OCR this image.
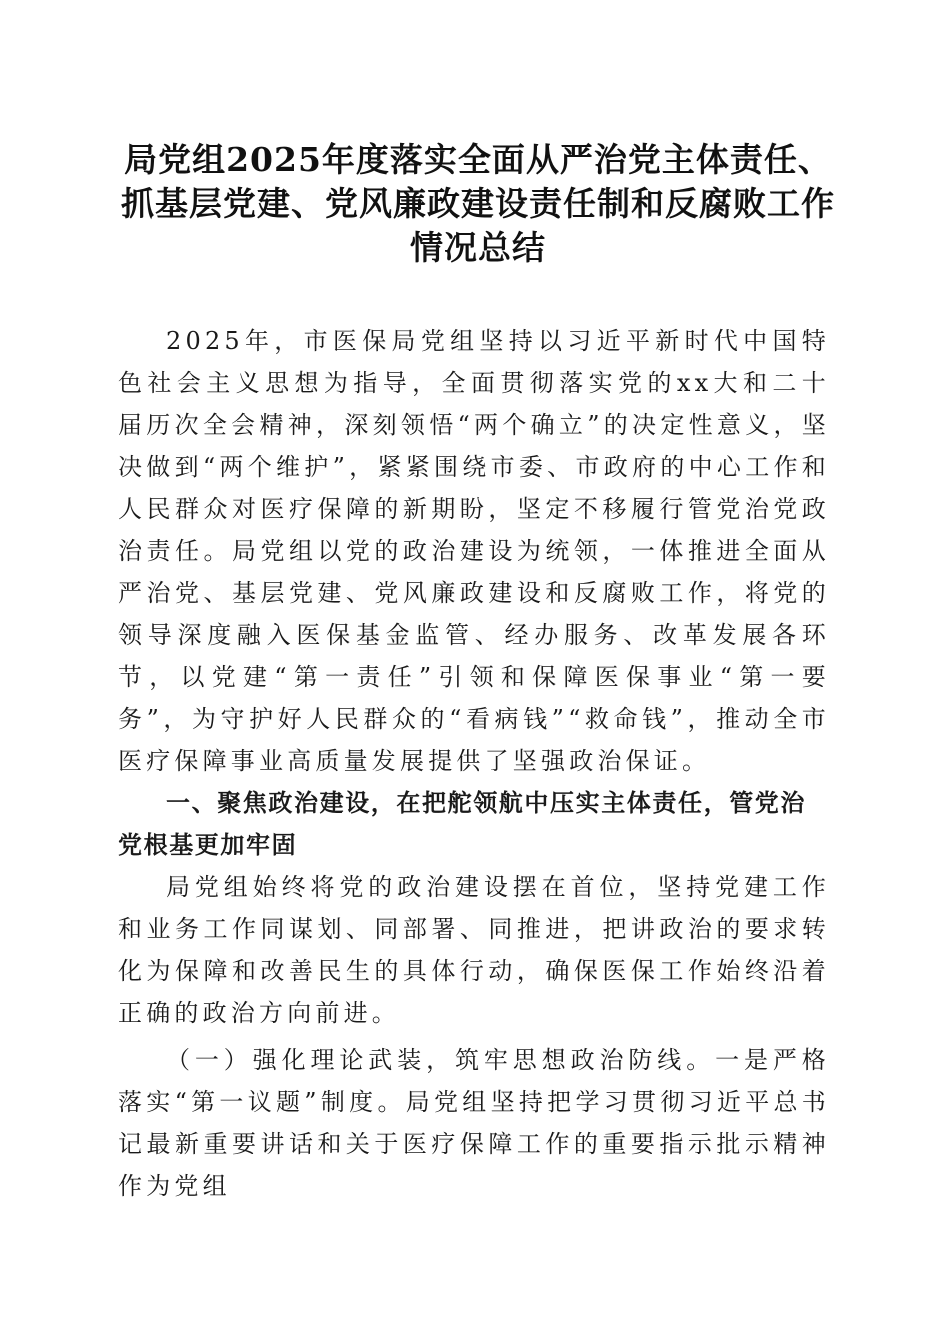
局党组2025年度落实全面从严治党主体责任、抓基层党建、党风廉政建设责任制和反腐败工作情况总结

2025年，市医保局党组坚持以习近平新时代中国特色社会主义思想为指导，全面贯彻落实党的xx大和二十届历次全会精神，深刻领悟“两个确立”的决定性意义，坚决做到“两个维护”，紧紧围绕市委、市政府的中心工作和人民群众对医疗保障的新期盼，坚定不移履行管党治党政治责任。局党组以党的政治建设为统领，一体推进全面从严治党、基层党建、党风廉政建设和反腐败工作，将党的领导深度融入医保基金监管、经办服务、改革发展各环节，以党建“第一责任”引领和保障医保事业“第一要务”，为守护好人民群众的“看病钱”“救命钱”，推动全市医疗保障事业高质量发展提供了坚强政治保证。

一、聚焦政治建设，在把舵领航中压实主体责任，管党治党根基更加牢固

局党组始终将党的政治建设摆在首位，坚持党建工作和业务工作同谋划、同部署、同推进，把讲政治的要求转化为保障和改善民生的具体行动，确保医保工作始终沿着正确的政治方向前进。

（一）强化理论武装，筑牢思想政治防线。一是严格落实“第一议题”制度。局党组坚持把学习贯彻习近平总书记最新重要讲话和关于医疗保障工作的重要指示批示精神作为党组
